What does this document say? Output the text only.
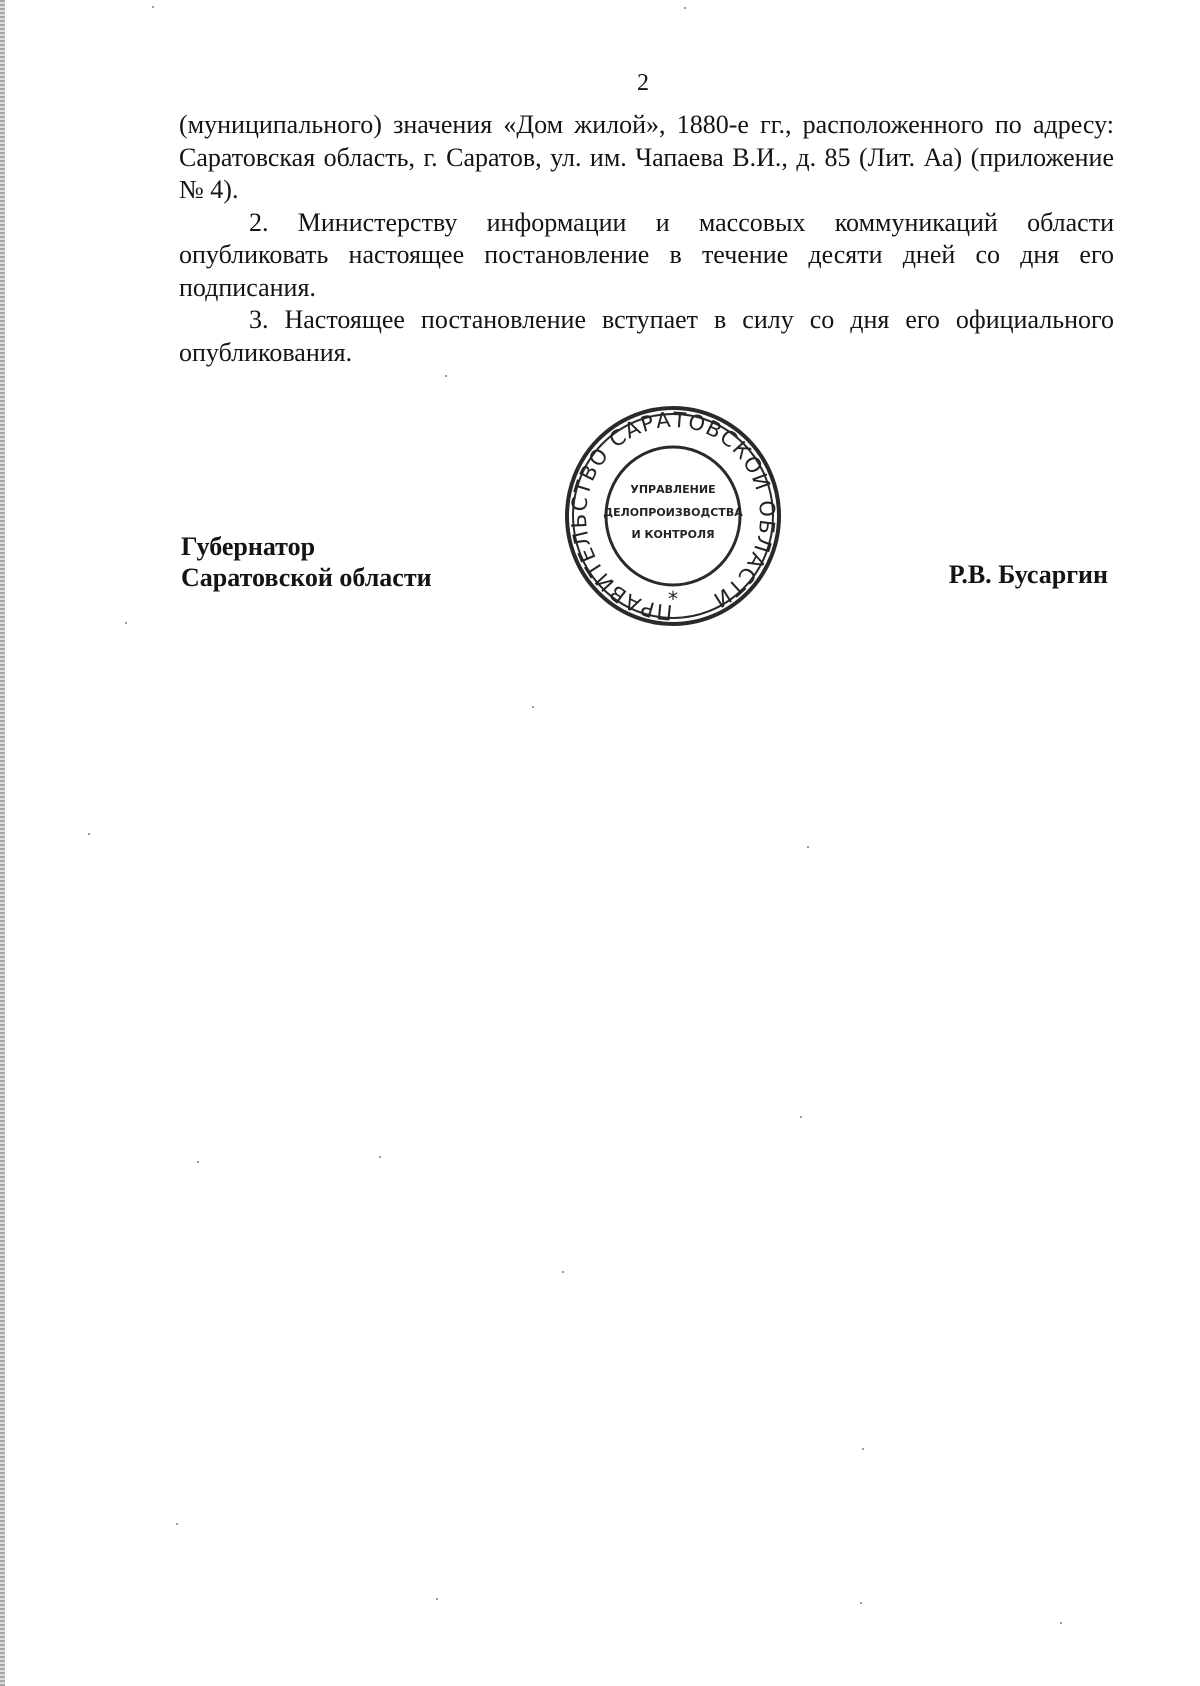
2

(муниципального) значения «Дом жилой», 1880-е гг., расположенного по адресу: Саратовская область, г. Саратов, ул. им. Чапаева В.И., д. 85 (Лит. Аа) (приложение № 4).

2. Министерству информации и массовых коммуникаций области опубликовать настоящее постановление в течение десяти дней со дня его подписания.

3. Настоящее постановление вступает в силу со дня его официального опубликования.

Губернатор
Саратовской области
ПРАВИТЕЛЬСТВО САРАТОВСКОЙ ОБЛАСТИ
*
УПРАВЛЕНИЕ
ДЕЛОПРОИЗВОДСТВА
И КОНТРОЛЯ
Р.В. Бусаргин
